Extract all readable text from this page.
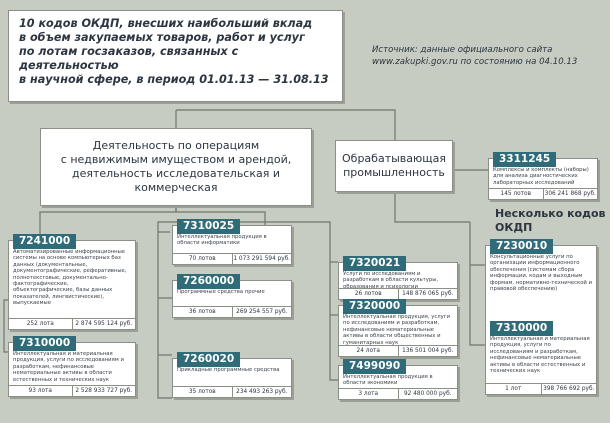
10 кодов ОКДП, внесших наибольший вклад

в объем закупаемых товаров, работ и услуг

по лотам госзаказов, связанных с деятельностью

в научной сфере, в период 01.01.13 — 31.08.13

Источник: данные официального сайта
www.zakupki.gov.ru по состоянию на 04.10.13
Деятельность по операциям
с недвижимым имуществом и арендой,
деятельность исследовательская и коммерческая
Обрабатывающая
промышленность
Несколько кодов ОКДП
3311245
Комплексы и комплекты (наборы) для анализа диагностических лабораторных исследований
145 лотов	306 241 868 руб.
7241000
Автоматизированные информационные системы на основе компьютерных баз данных (документальные, документографические, реферативные, полнотекстовые, документально-фактографические, объектографические, базы данных показателей, лингвистические), выпускаемые
252 лота	2 874 595 124 руб.
7310000
Интеллектуальная и материальная продукция, услуги по исследованиям и разработкам, нефинансовые нематериальные активы в области естественных и технических наук
93 лота	2 528 933 727 руб.
7310025
Интеллектуальная продукция в области информатики
70 лотов	1 073 291 594 руб.
7260000
Программные средства прочие
36 лотов	269 254 557 руб.
7260020
Прикладные программные средства
35 лотов	234 493 263 руб.
7320021
Услуги по исследованиям и разработкам в области культуры, образования и психологии
26 лотов	148 876 065 руб.
7320000
Интеллектуальная продукция, услуги по исследованиям и разработкам, нефинансовые нематериальные активы в области общественных и гуманитарных наук
24 лота	136 501 004 руб.
7499090
Интеллектуальная продукция в области экономики
3 лота	92 480 000 руб.
7230010
Консультационные услуги по организации информационного обеспечения (системам сбора информации, кодам и выходным формам, нормативно-технической и правовой обеспечению)
7310000
Интеллектуальная и материальная продукция, услуги по исследованиям и разработкам, нефинансовые нематериальные активы в области естественных и технических наук
1 лот	398 766 692 руб.
